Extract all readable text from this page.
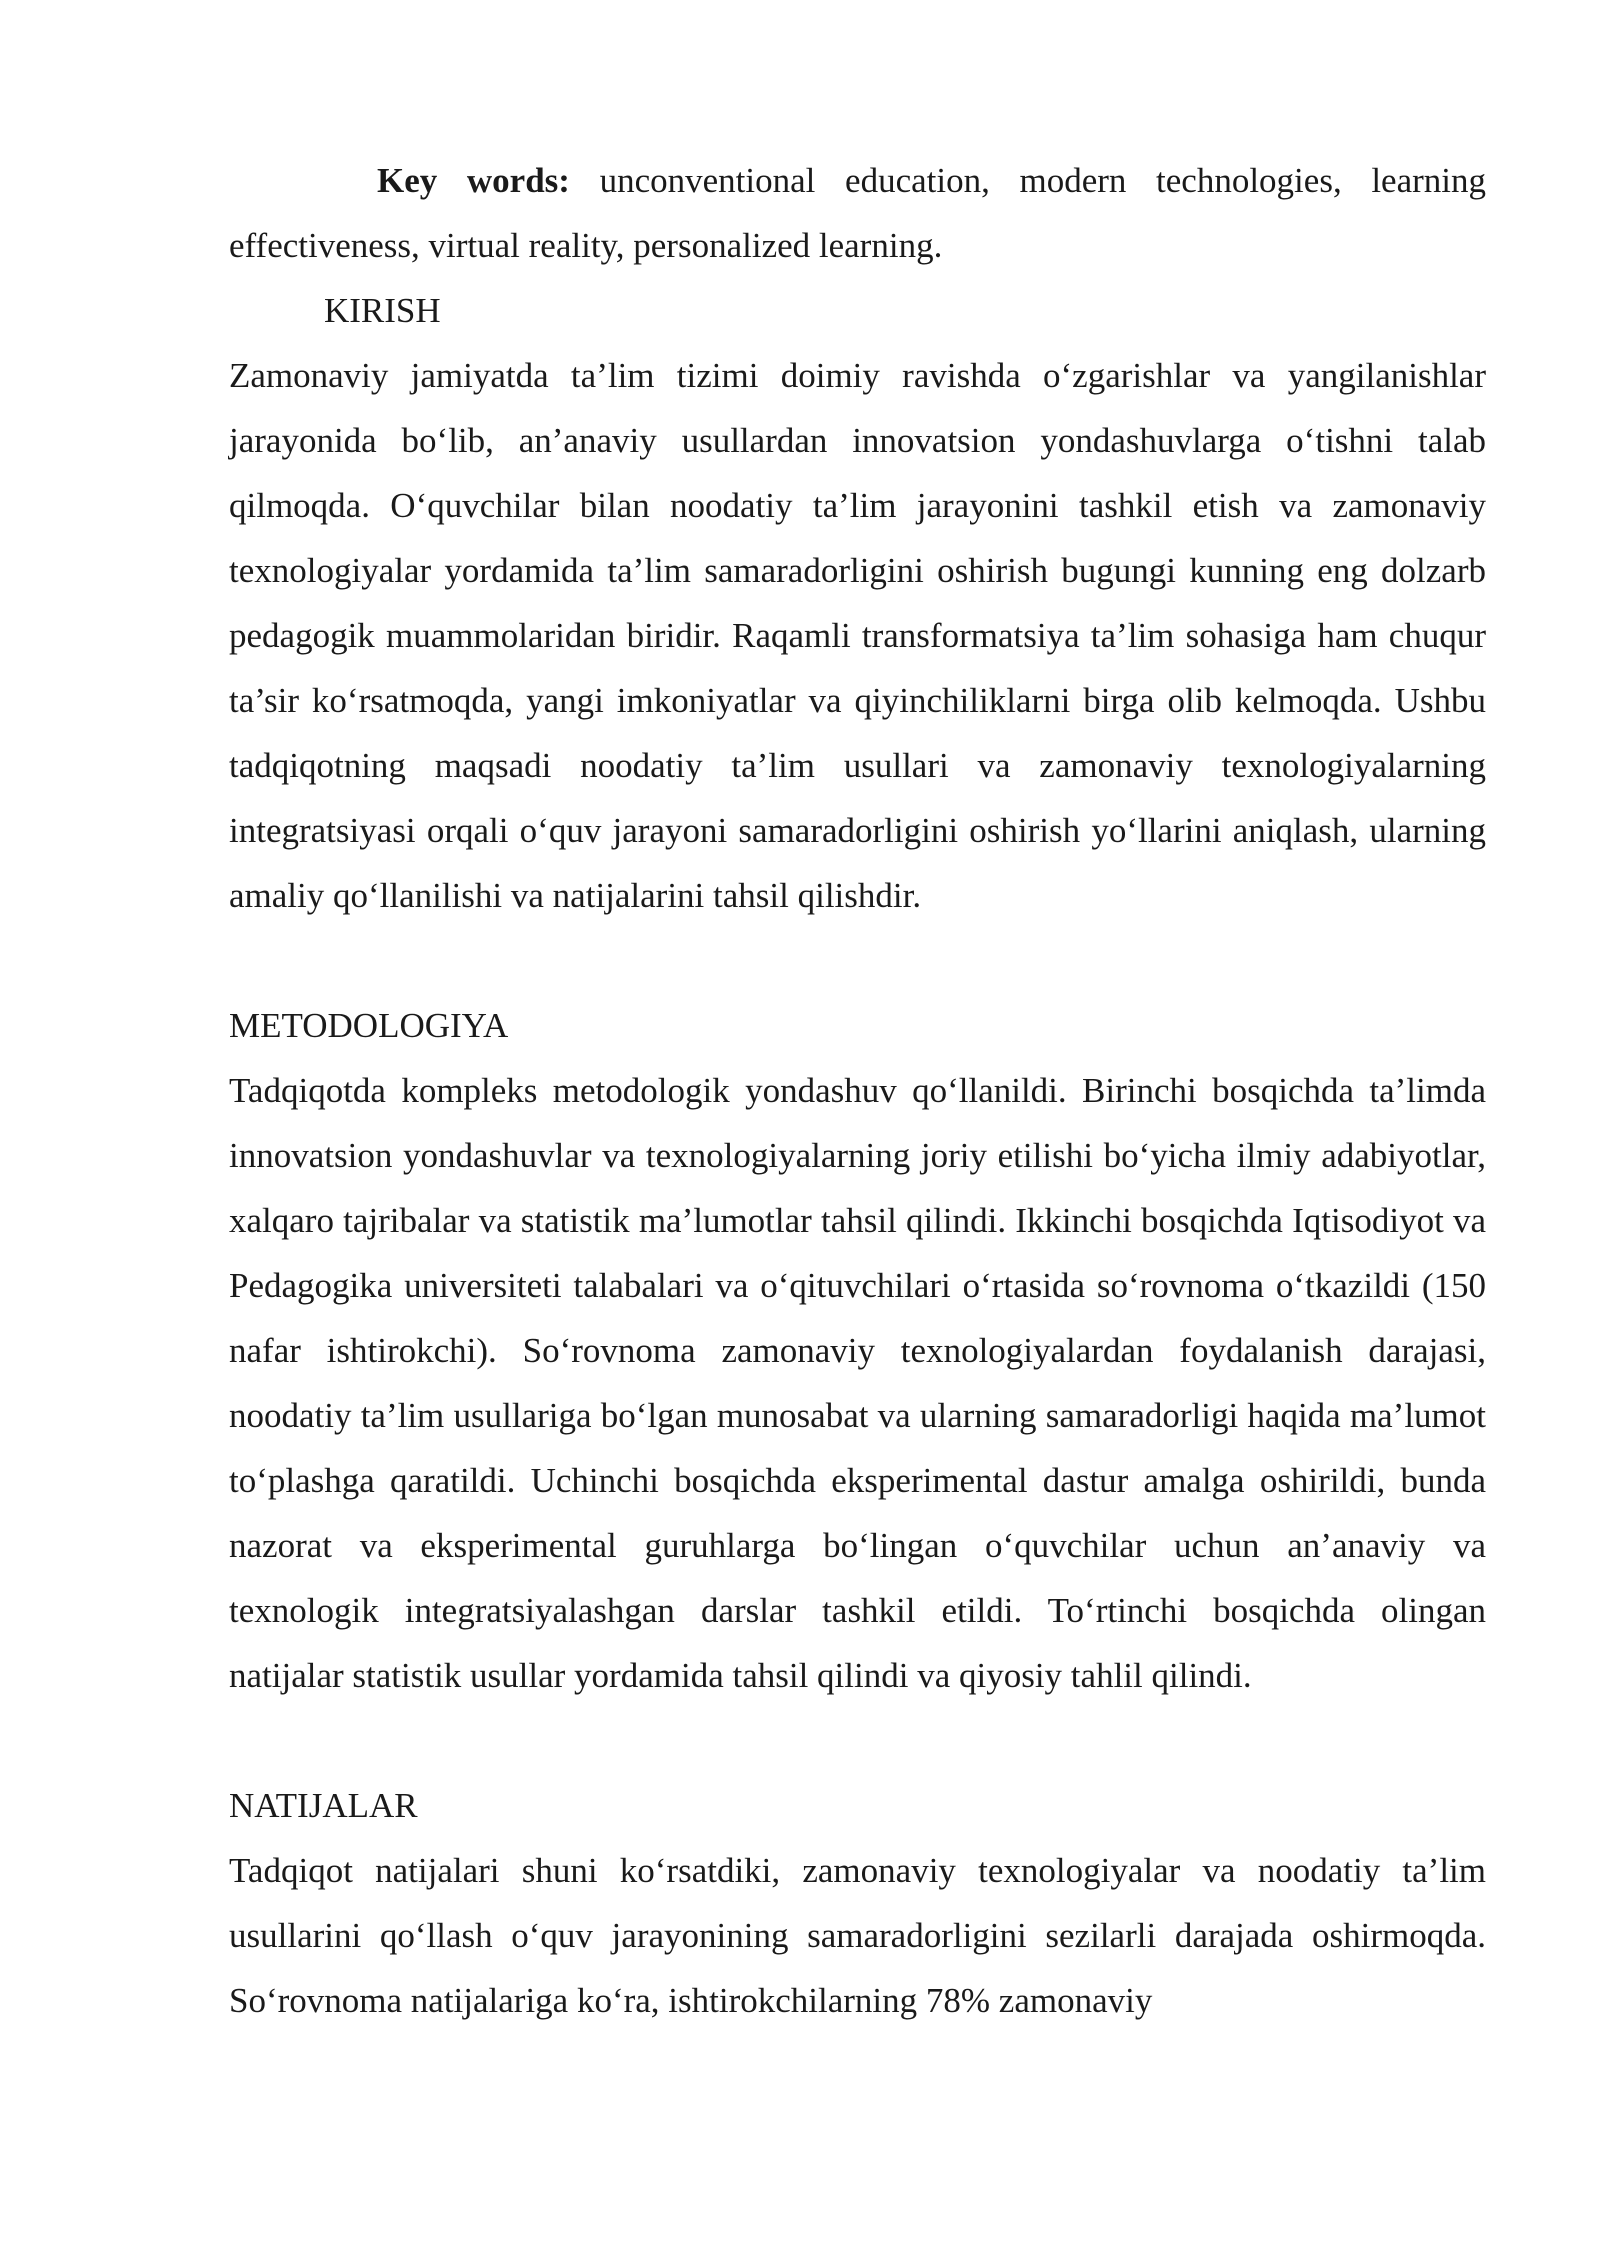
Key words: unconventional education, modern technologies, learning effectiveness, virtual reality, personalized learning.

KIRISH

Zamonaviy jamiyatda ta’lim tizimi doimiy ravishda o‘zgarishlar va yangilanishlar jarayonida bo‘lib, an’anaviy usullardan innovatsion yondashuvlarga o‘tishni talab qilmoqda. O‘quvchilar bilan noodatiy ta’lim jarayonini tashkil etish va zamonaviy texnologiyalar yordamida ta’lim samaradorligini oshirish bugungi kunning eng dolzarb pedagogik muammolaridan biridir. Raqamli transformatsiya ta’lim sohasiga ham chuqur ta’sir ko‘rsatmoqda, yangi imkoniyatlar va qiyinchiliklarni birga olib kelmoqda. Ushbu tadqiqotning maqsadi noodatiy ta’lim usullari va zamonaviy texnologiyalarning integratsiyasi orqali o‘quv jarayoni samaradorligini oshirish yo‘llarini aniqlash, ularning amaliy qo‘llanilishi va natijalarini tahsil qilishdir.

METODOLOGIYA

Tadqiqotda kompleks metodologik yondashuv qo‘llanildi. Birinchi bosqichda ta’limda innovatsion yondashuvlar va texnologiyalarning joriy etilishi bo‘yicha ilmiy adabiyotlar, xalqaro tajribalar va statistik ma’lumotlar tahsil qilindi. Ikkinchi bosqichda Iqtisodiyot va Pedagogika universiteti talabalari va o‘qituvchilari o‘rtasida so‘rovnoma o‘tkazildi (150 nafar ishtirokchi). So‘rovnoma zamonaviy texnologiyalardan foydalanish darajasi, noodatiy ta’lim usullariga bo‘lgan munosabat va ularning samaradorligi haqida ma’lumot to‘plashga qaratildi. Uchinchi bosqichda eksperimental dastur amalga oshirildi, bunda nazorat va eksperimental guruhlarga bo‘lingan o‘quvchilar uchun an’anaviy va texnologik integratsiyalashgan darslar tashkil etildi. To‘rtinchi bosqichda olingan natijalar statistik usullar yordamida tahsil qilindi va qiyosiy tahlil qilindi.

NATIJALAR

Tadqiqot natijalari shuni ko‘rsatdiki, zamonaviy texnologiyalar va noodatiy ta’lim usullarini qo‘llash o‘quv jarayonining samaradorligini sezilarli darajada oshirmoqda. So‘rovnoma natijalariga ko‘ra, ishtirokchilarning 78% zamonaviy
